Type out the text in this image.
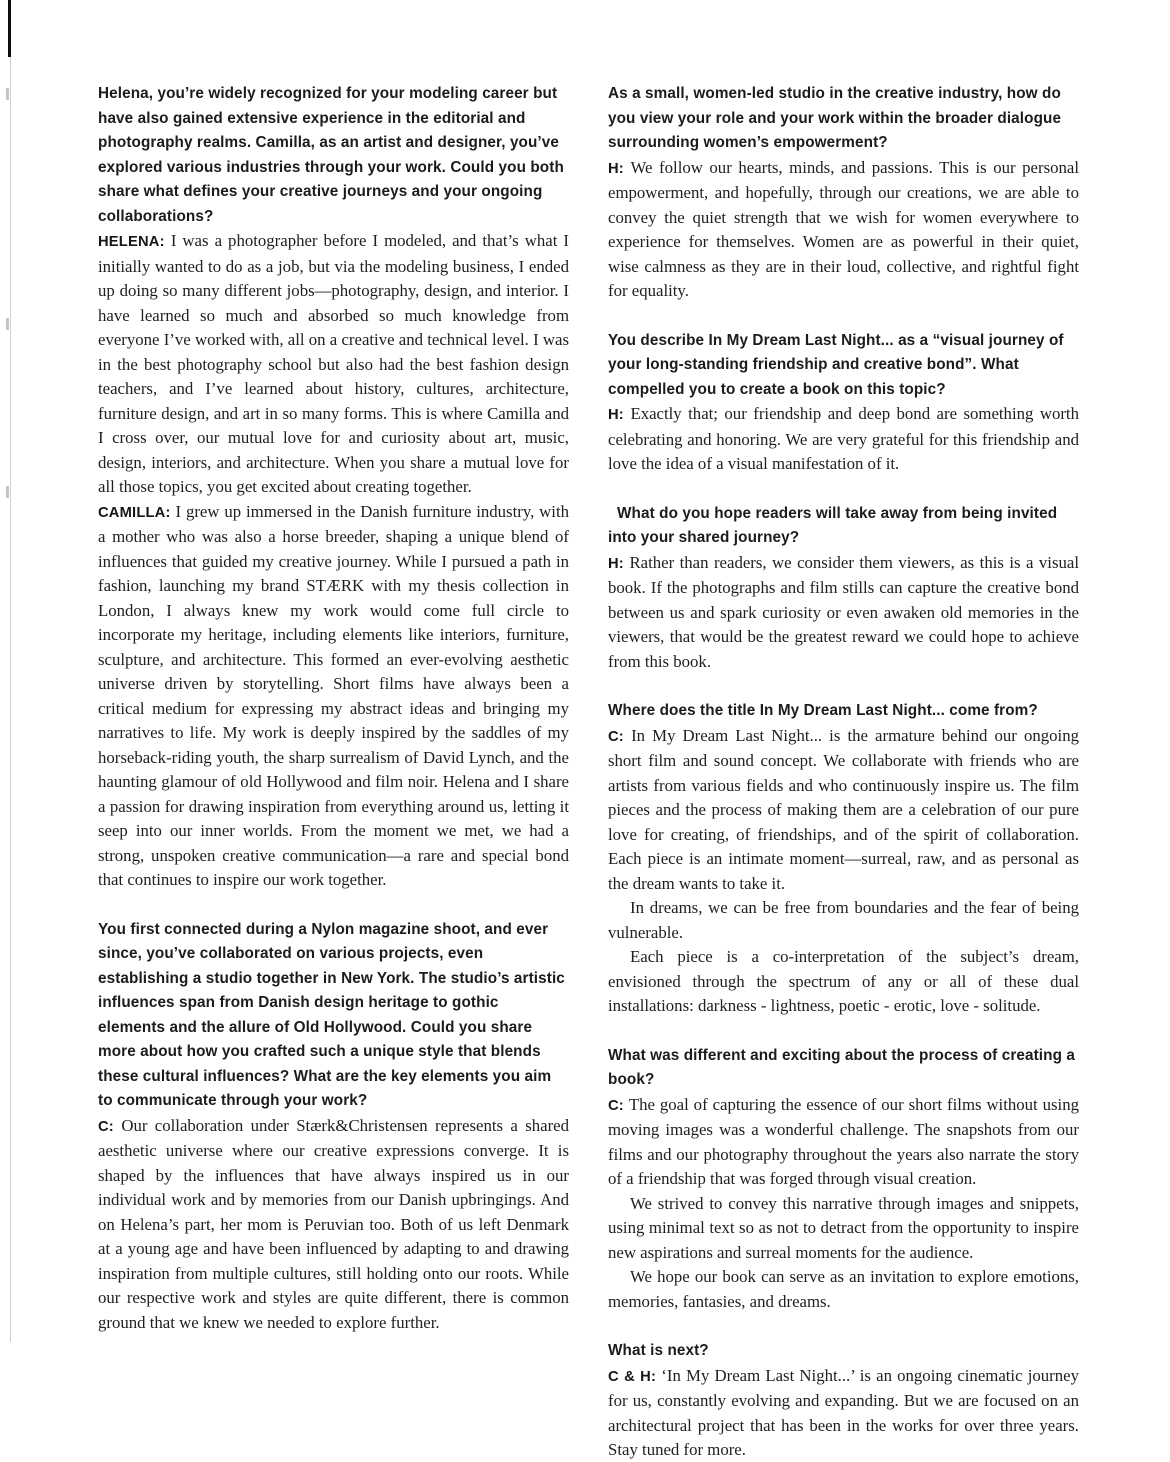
Helena, you’re widely recognized for your modeling career but have also gained extensive experience in the editorial and photography realms. Camilla, as an artist and designer, you’ve explored various industries through your work. Could you both share what defines your creative journeys and your ongoing collaborations?

HELENA: I was a photographer before I modeled, and that’s what I initially wanted to do as a job, but via the modeling business, I ended up doing so many different jobs—photography, design, and interior. I have learned so much and absorbed so much knowledge from everyone I’ve worked with, all on a creative and technical level. I was in the best photography school but also had the best fashion design teachers, and I’ve learned about history, cultures, architecture, furniture design, and art in so many forms. This is where Camilla and I cross over, our mutual love for and curiosity about art, music, design, interiors, and architecture. When you share a mutual love for all those topics, you get excited about creating together.

CAMILLA: I grew up immersed in the Danish furniture industry, with a mother who was also a horse breeder, shaping a unique blend of influences that guided my creative journey. While I pursued a path in fashion, launching my brand STÆRK with my thesis collection in London, I always knew my work would come full circle to incorporate my heritage, including elements like interiors, furniture, sculpture, and architecture. This formed an ever-evolving aesthetic universe driven by storytelling. Short films have always been a critical medium for expressing my abstract ideas and bringing my narratives to life. My work is deeply inspired by the saddles of my horseback-riding youth, the sharp surrealism of David Lynch, and the haunting glamour of old Hollywood and film noir. Helena and I share a passion for drawing inspiration from everything around us, letting it seep into our inner worlds. From the moment we met, we had a strong, unspoken creative communication—a rare and special bond that continues to inspire our work together.

You first connected during a Nylon magazine shoot, and ever since, you’ve collaborated on various projects, even establishing a studio together in New York. The studio’s artistic influences span from Danish design heritage to gothic elements and the allure of Old Hollywood. Could you share more about how you crafted such a unique style that blends these cultural influences? What are the key elements you aim to communicate through your work?

C: Our collaboration under Stærk&Christensen represents a shared aesthetic universe where our creative expressions converge. It is shaped by the influences that have always inspired us in our individual work and by memories from our Danish upbringings. And on Helena’s part, her mom is Peruvian too. Both of us left Denmark at a young age and have been influenced by adapting to and drawing inspiration from multiple cultures, still holding onto our roots. While our respective work and styles are quite different, there is common ground that we knew we needed to explore further.

As a small, women-led studio in the creative industry, how do you view your role and your work within the broader dialogue surrounding women’s empowerment?

H: We follow our hearts, minds, and passions. This is our personal empowerment, and hopefully, through our creations, we are able to convey the quiet strength that we wish for women everywhere to experience for themselves. Women are as powerful in their quiet, wise calmness as they are in their loud, collective, and rightful fight for equality.

You describe In My Dream Last Night... as a “visual journey of your long-standing friendship and creative bond”. What compelled you to create a book on this topic?

H: Exactly that; our friendship and deep bond are something worth celebrating and honoring. We are very grateful for this friendship and love the idea of a visual manifestation of it.

What do you hope readers will take away from being invited into your shared journey?

H: Rather than readers, we consider them viewers, as this is a visual book. If the photographs and film stills can capture the creative bond between us and spark curiosity or even awaken old memories in the viewers, that would be the greatest reward we could hope to achieve from this book.

Where does the title In My Dream Last Night... come from?

C: In My Dream Last Night... is the armature behind our ongoing short film and sound concept. We collaborate with friends who are artists from various fields and who continuously inspire us. The film pieces and the process of making them are a celebration of our pure love for creating, of friendships, and of the spirit of collaboration. Each piece is an intimate moment—surreal, raw, and as personal as the dream wants to take it.

In dreams, we can be free from boundaries and the fear of being vulnerable.

Each piece is a co-interpretation of the subject’s dream, envisioned through the spectrum of any or all of these dual installations: darkness - lightness, poetic - erotic, love - solitude.

What was different and exciting about the process of creating a book?

C: The goal of capturing the essence of our short films without using moving images was a wonderful challenge. The snapshots from our films and our photography throughout the years also narrate the story of a friendship that was forged through visual creation.

We strived to convey this narrative through images and snippets, using minimal text so as not to detract from the opportunity to inspire new aspirations and surreal moments for the audience.

We hope our book can serve as an invitation to explore emotions, memories, fantasies, and dreams.

What is next?

C & H: ‘In My Dream Last Night...’ is an ongoing cinematic journey for us, constantly evolving and expanding. But we are focused on an architectural project that has been in the works for over three years. Stay tuned for more.
